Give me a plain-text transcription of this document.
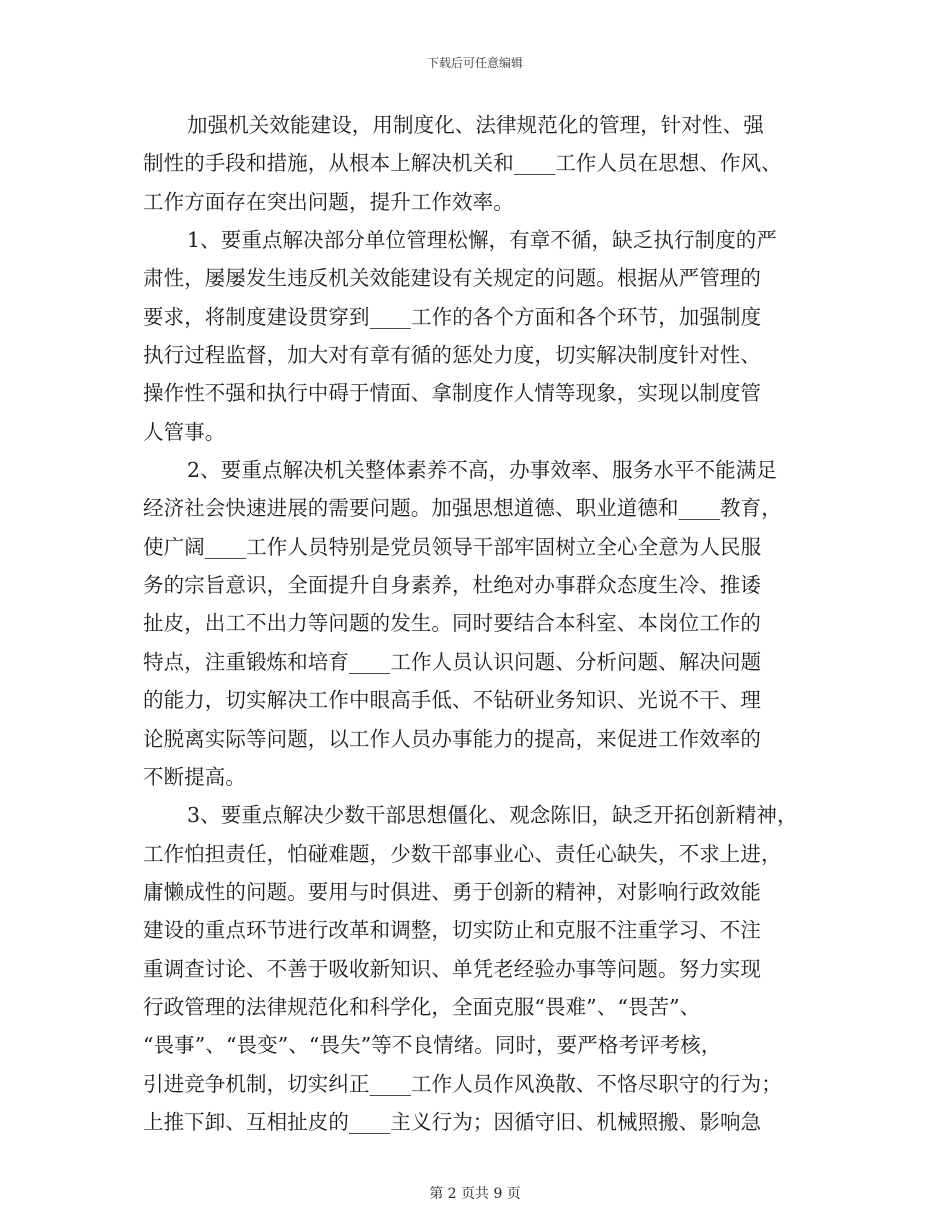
下载后可任意编辑
加强机关效能建设，用制度化、法律规范化的管理，针对性、强
制性的手段和措施，从根本上解决机关和____工作人员在思想、作风、
工作方面存在突出问题，提升工作效率。
1、要重点解决部分单位管理松懈，有章不循，缺乏执行制度的严
肃性，屡屡发生违反机关效能建设有关规定的问题。根据从严管理的
要求，将制度建设贯穿到____工作的各个方面和各个环节，加强制度
执行过程监督，加大对有章有循的惩处力度，切实解决制度针对性、
操作性不强和执行中碍于情面、拿制度作人情等现象，实现以制度管
人管事。
2、要重点解决机关整体素养不高，办事效率、服务水平不能满足
经济社会快速进展的需要问题。加强思想道德、职业道德和____教育，
使广阔____工作人员特别是党员领导干部牢固树立全心全意为人民服
务的宗旨意识，全面提升自身素养，杜绝对办事群众态度生冷、推诿
扯皮，出工不出力等问题的发生。同时要结合本科室、本岗位工作的
特点，注重锻炼和培育____工作人员认识问题、分析问题、解决问题
的能力，切实解决工作中眼高手低、不钻研业务知识、光说不干、理
论脱离实际等问题，以工作人员办事能力的提高，来促进工作效率的
不断提高。
3、要重点解决少数干部思想僵化、观念陈旧，缺乏开拓创新精神，
工作怕担责任，怕碰难题，少数干部事业心、责任心缺失，不求上进，
庸懒成性的问题。要用与时俱进、勇于创新的精神，对影响行政效能
建设的重点环节进行改革和调整，切实防止和克服不注重学习、不注
重调查讨论、不善于吸收新知识、单凭老经验办事等问题。努力实现
行政管理的法律规范化和科学化，全面克服“畏难”、“畏苦”、
“畏事”、“畏变”、“畏失”等不良情绪。同时，要严格考评考核，
引进竞争机制，切实纠正____工作人员作风涣散、不恪尽职守的行为；
上推下卸、互相扯皮的____主义行为；因循守旧、机械照搬、影响急
第 2 页共 9 页
